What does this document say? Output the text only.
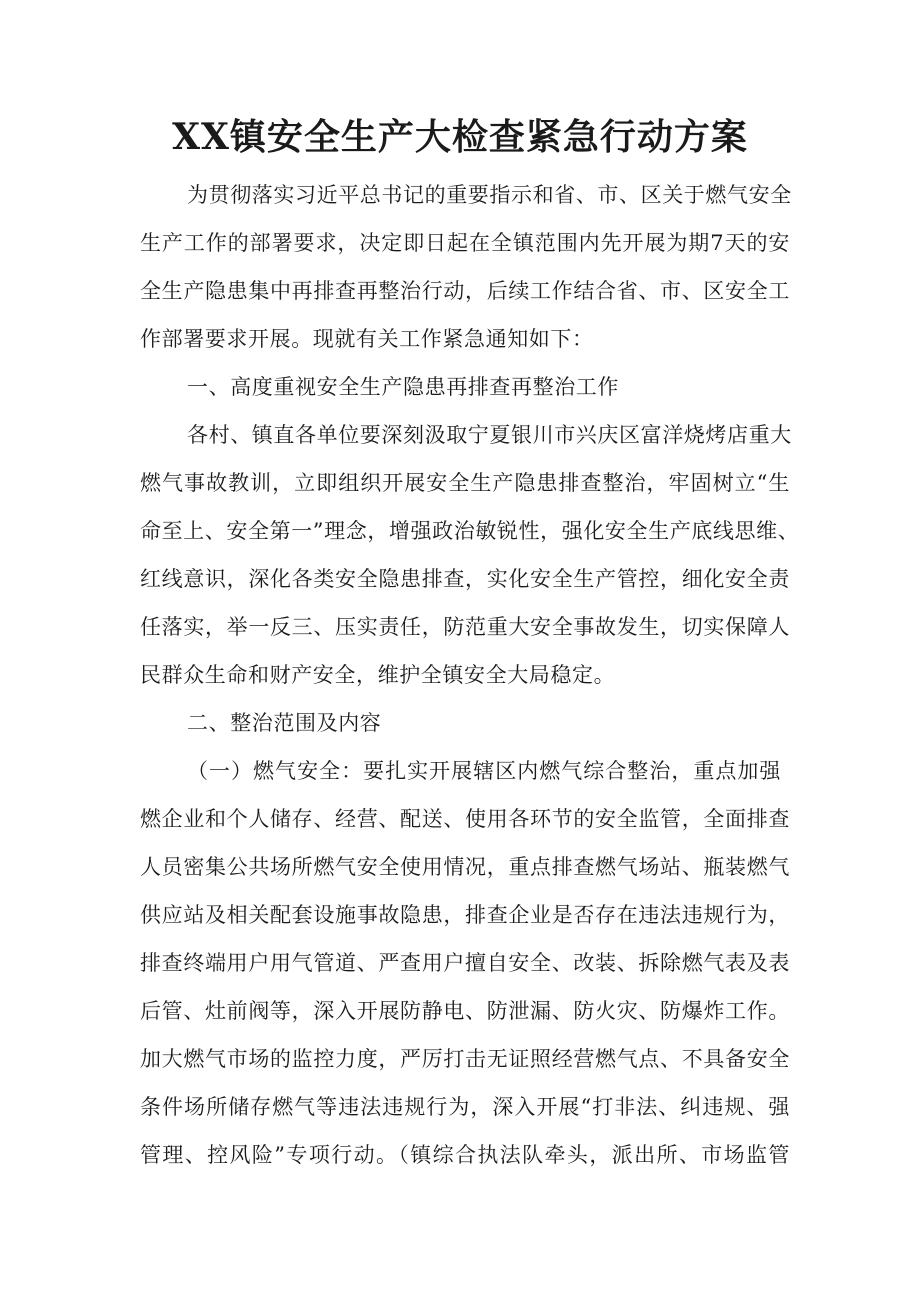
XX镇安全生产大检查紧急行动方案
为贯彻落实习近平总书记的重要指示和省、市、区关于燃气安全
生产工作的部署要求，决定即日起在全镇范围内先开展为期7天的安
全生产隐患集中再排查再整治行动，后续工作结合省、市、区安全工
作部署要求开展。现就有关工作紧急通知如下：
一、高度重视安全生产隐患再排查再整治工作
各村、镇直各单位要深刻汲取宁夏银川市兴庆区富洋烧烤店重大
燃气事故教训，立即组织开展安全生产隐患排查整治，牢固树立“生
命至上、安全第一”理念，增强政治敏锐性，强化安全生产底线思维、
红线意识，深化各类安全隐患排查，实化安全生产管控，细化安全责
任落实，举一反三、压实责任，防范重大安全事故发生，切实保障人
民群众生命和财产安全，维护全镇安全大局稳定。
二、整治范围及内容
（一）燃气安全：要扎实开展辖区内燃气综合整治，重点加强
燃企业和个人储存、经营、配送、使用各环节的安全监管，全面排查
人员密集公共场所燃气安全使用情况，重点排查燃气场站、瓶装燃气
供应站及相关配套设施事故隐患，排查企业是否存在违法违规行为，
排查终端用户用气管道、严查用户擅自安全、改装、拆除燃气表及表
后管、灶前阀等，深入开展防静电、防泄漏、防火灾、防爆炸工作。
加大燃气市场的监控力度，严厉打击无证照经营燃气点、不具备安全
条件场所储存燃气等违法违规行为，深入开展“打非法、纠违规、强
管理、控风险”专项行动。（镇综合执法队牵头，派出所、市场监管
